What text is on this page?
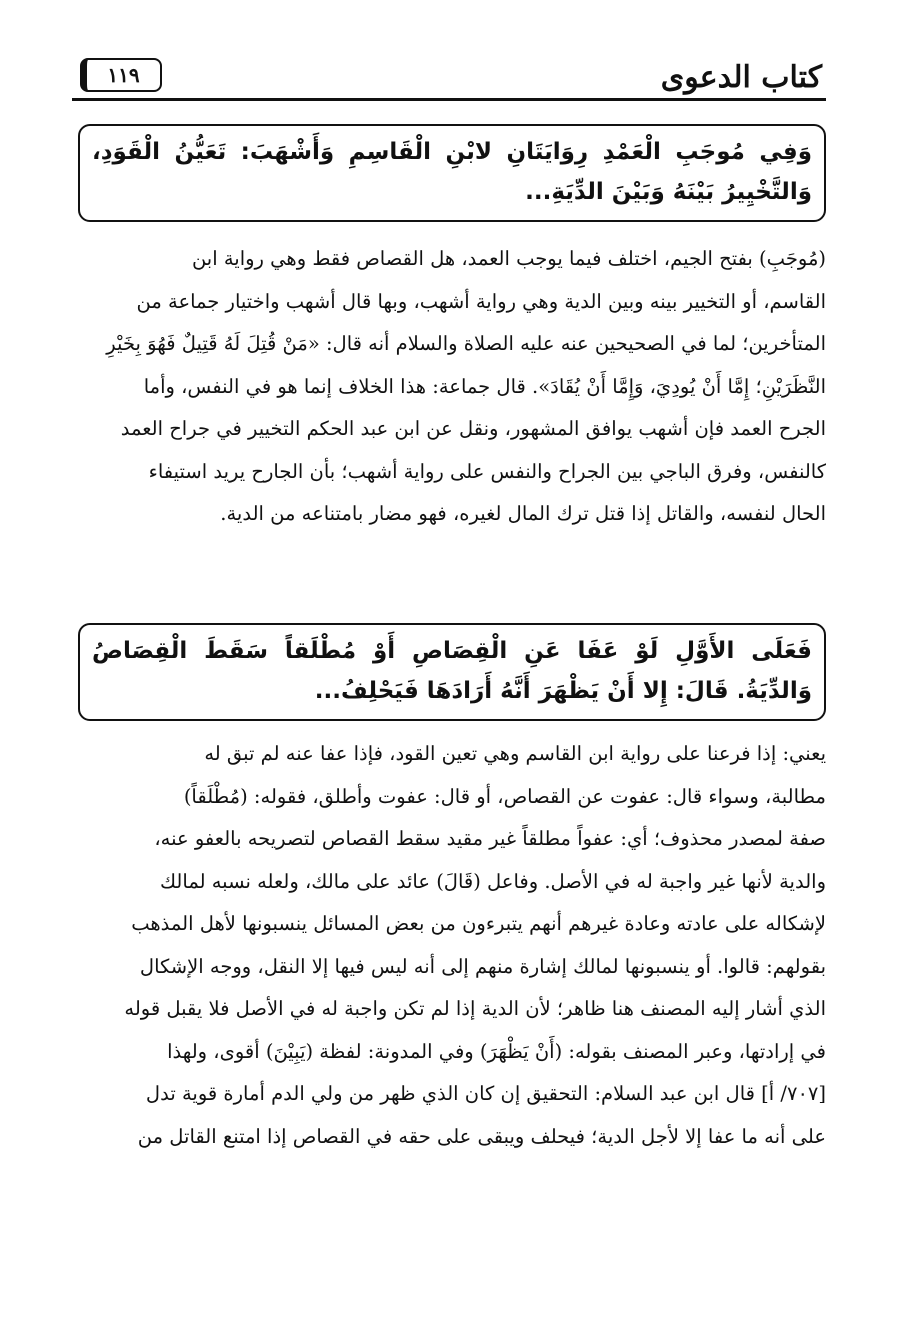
كتاب الدعوى
١١٩
وَفِي مُوجَبِ الْعَمْدِ رِوَايَتَانِ لابْنِ الْقَاسِمِ وَأَشْهَبَ: تَعَيُّنُ الْقَوَدِ، وَالتَّخْيِيرُ بَيْنَهُ وَبَيْنَ الدِّيَةِ...
(مُوجَبِ) بفتح الجيم، اختلف فيما يوجب العمد، هل القصاص فقط وهي رواية ابن
القاسم، أو التخيير بينه وبين الدية وهي رواية أشهب، وبها قال أشهب واختيار جماعة من
المتأخرين؛ لما في الصحيحين عنه عليه الصلاة والسلام أنه قال: «مَنْ قُتِلَ لَهُ قَتِيلٌ فَهُوَ بِخَيْرِ
النَّظَرَيْنِ؛ إِمَّا أَنْ يُودِيَ، وَإِمَّا أَنْ يُقَادَ». قال جماعة: هذا الخلاف إنما هو في النفس، وأما
الجرح العمد فإن أشهب يوافق المشهور، ونقل عن ابن عبد الحكم التخيير في جراح العمد
كالنفس، وفرق الباجي بين الجراح والنفس على رواية أشهب؛ بأن الجارح يريد استيفاء
الحال لنفسه، والقاتل إذا قتل ترك المال لغيره، فهو مضار بامتناعه من الدية.
فَعَلَى الأَوَّلِ لَوْ عَفَا عَنِ الْقِصَاصِ أَوْ مُطْلَقاً سَقَطَ الْقِصَاصُ وَالدِّيَةُ. قَالَ: إِلا أَنْ يَظْهَرَ أَنَّهُ أَرَادَهَا فَيَحْلِفُ...
يعني: إذا فرعنا على رواية ابن القاسم وهي تعين القود، فإذا عفا عنه لم تبق له
مطالبة، وسواء قال: عفوت عن القصاص، أو قال: عفوت وأطلق، فقوله: (مُطْلَقاً)
صفة لمصدر محذوف؛ أي: عفواً مطلقاً غير مقيد سقط القصاص لتصريحه بالعفو عنه،
والدية لأنها غير واجبة له في الأصل. وفاعل (قَالَ) عائد على مالك، ولعله نسبه لمالك
لإشكاله على عادته وعادة غيرهم أنهم يتبرءون من بعض المسائل ينسبونها لأهل المذهب
بقولهم: قالوا. أو ينسبونها لمالك إشارة منهم إلى أنه ليس فيها إلا النقل، ووجه الإشكال
الذي أشار إليه المصنف هنا ظاهر؛ لأن الدية إذا لم تكن واجبة له في الأصل فلا يقبل قوله
في إرادتها، وعبر المصنف بقوله: (أَنْ يَظْهَرَ) وفي المدونة: لفظة (يَبِيْنَ) أقوى، ولهذا
[٧٠٧/ أ] قال ابن عبد السلام: التحقيق إن كان الذي ظهر من ولي الدم أمارة قوية تدل
على أنه ما عفا إلا لأجل الدية؛ فيحلف ويبقى على حقه في القصاص إذا امتنع القاتل من
